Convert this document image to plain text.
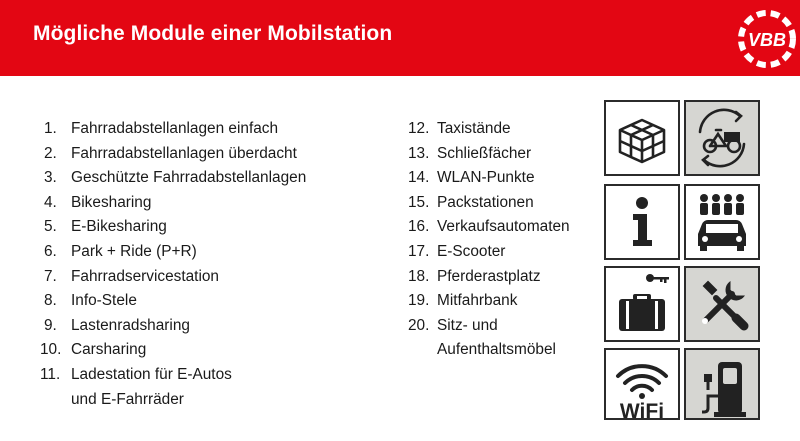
Mögliche Module einer Mobilstation	VBB
1. Fahrradabstellanlagen einfach
2. Fahrradabstellanlagen überdacht
3. Geschützte Fahrradabstellanlagen
4. Bikesharing
5. E-Bikesharing
6. Park + Ride (P+R)
7. Fahrradservicestation
8. Info-Stele
9. Lastenradsharing
10. Carsharing
11. Ladestation für E-Autos
und E-Fahrräder
12. Taxistände
13. Schließfächer
14. WLAN-Punkte
15. Packstationen
16. Verkaufsautomaten
17. E-Scooter
18. Pferderastplatz
19. Mitfahrbank
20. Sitz- und
Aufenthaltsmöbel
WiFi
